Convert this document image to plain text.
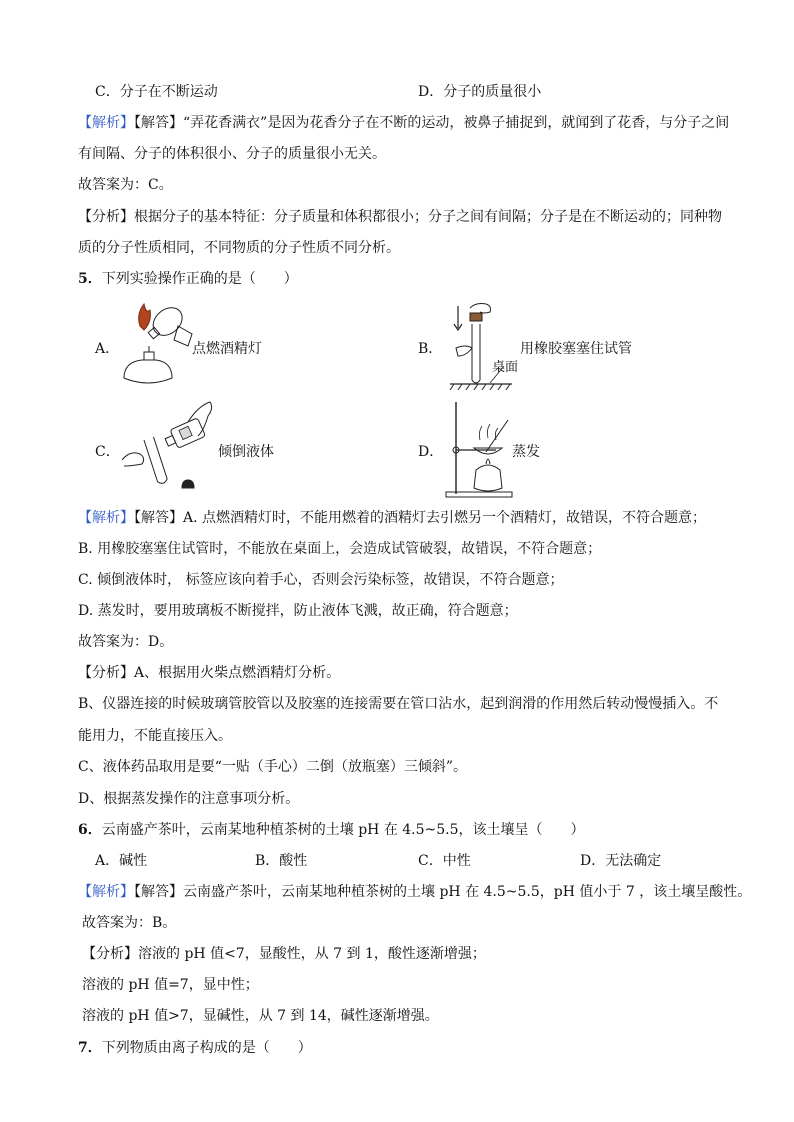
C．分子在不断运动	D．分子的质量很小
【解析】【解答】“弄花香满衣”是因为花香分子在不断的运动，被鼻子捕捉到，就闻到了花香，与分子之间
有间隔、分子的体积很小、分子的质量很小无关。
故答案为：C。
【分析】根据分子的基本特征：分子质量和体积都很小；分子之间有间隔；分子是在不断运动的；同种物
质的分子性质相同，不同物质的分子性质不同分析。
5．下列实验操作正确的是（　　）
A．	点燃酒精灯	B．	用橡胶塞塞住试管
桌面
C．	倾倒液体	D．	蒸发
【解析】【解答】A. 点燃酒精灯时，不能用燃着的酒精灯去引燃另一个酒精灯，故错误，不符合题意；
B. 用橡胶塞塞住试管时，不能放在桌面上，会造成试管破裂，故错误，不符合题意；
C. 倾倒液体时， 标签应该向着手心，否则会污染标签，故错误，不符合题意；
D. 蒸发时，要用玻璃板不断搅拌，防止液体飞溅，故正确，符合题意；
故答案为：D。
【分析】A、根据用火柴点燃酒精灯分析。
B、仪器连接的时候玻璃管胶管以及胶塞的连接需要在管口沾水，起到润滑的作用然后转动慢慢插入。不
能用力，不能直接压入。
C、液体药品取用是要“一贴（手心）二倒（放瓶塞）三倾斜”。
D、根据蒸发操作的注意事项分析。
6．云南盛产茶叶，云南某地种植茶树的土壤 pH 在 4.5~5.5，该土壤呈（　　）
A．碱性	B．酸性	C．中性	D．无法确定
【解析】【解答】云南盛产茶叶，云南某地种植茶树的土壤 pH 在 4.5~5.5，pH 值小于 7 ，该土壤呈酸性。
故答案为：B。
【分析】溶液的 pH 值<7，显酸性，从 7 到 1，酸性逐渐增强；
溶液的 pH 值=7，显中性；
溶液的 pH 值>7，显碱性，从 7 到 14，碱性逐渐增强。
7．下列物质由离子构成的是（　　）
